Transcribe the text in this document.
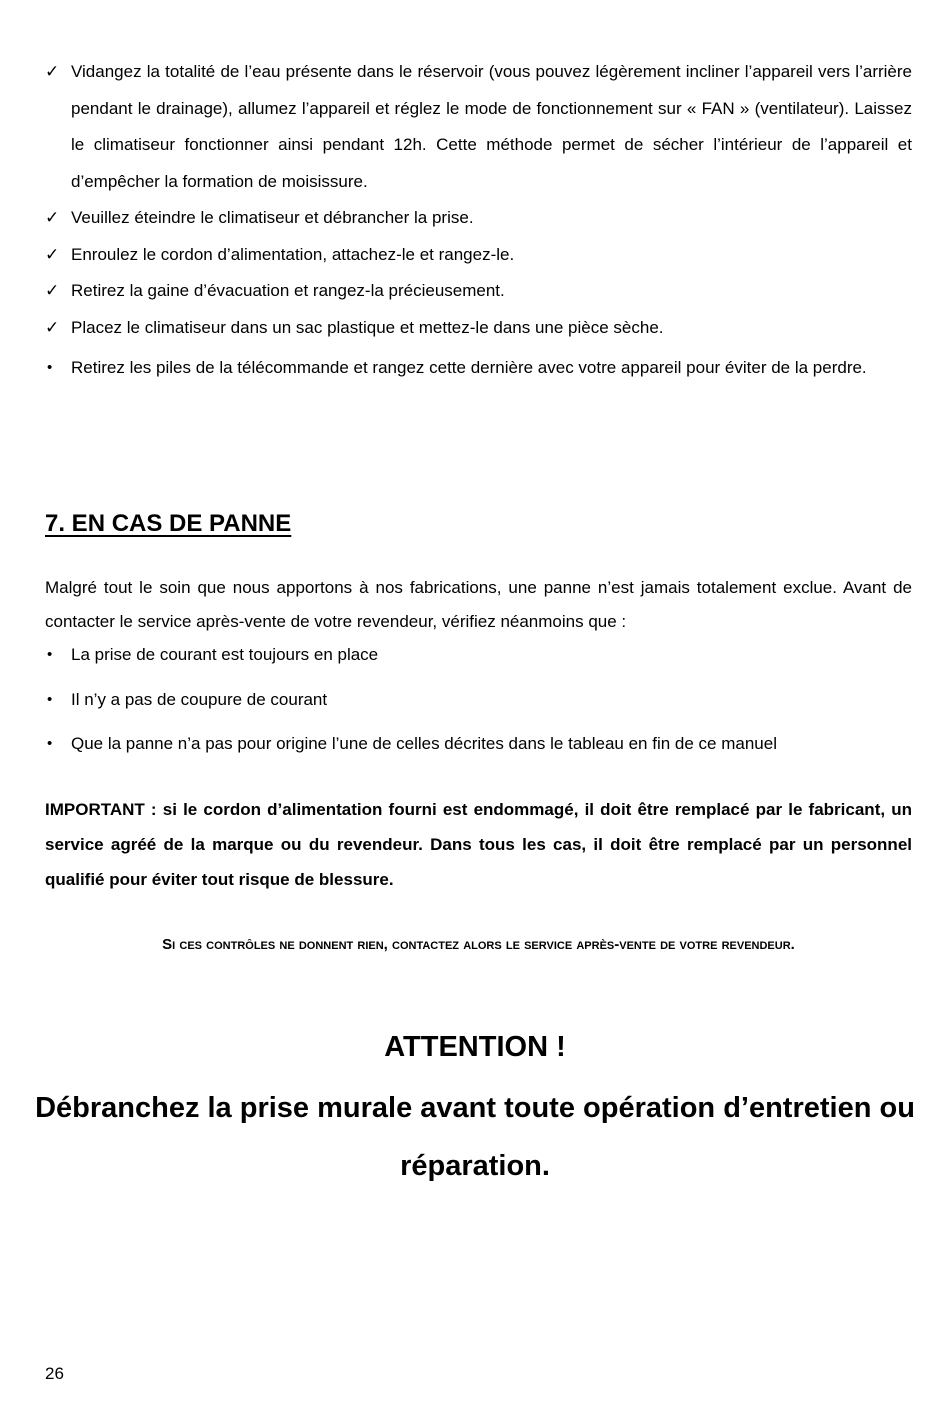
✓ Vidangez la totalité de l’eau présente dans le réservoir (vous pouvez légèrement incliner l’appareil vers l’arrière pendant le drainage), allumez l’appareil et réglez le mode de fonctionnement sur « FAN » (ventilateur). Laissez le climatiseur fonctionner ainsi pendant 12h. Cette méthode permet de sécher l’intérieur de l’appareil et d’empêcher la formation de moisissure.
✓ Veuillez éteindre le climatiseur et débrancher la prise.
✓ Enroulez le cordon d’alimentation, attachez-le et rangez-le.
✓ Retirez la gaine d’évacuation et rangez-la précieusement.
✓ Placez le climatiseur dans un sac plastique et mettez-le dans une pièce sèche.
•	Retirez les piles de la télécommande et rangez cette dernière avec votre appareil pour éviter de la perdre.
7. EN CAS DE PANNE

Malgré tout le soin que nous apportons à nos fabrications, une panne n’est jamais totalement exclue. Avant de contacter le service après-vente de votre revendeur, vérifiez néanmoins que :

•	La prise de courant est toujours en place
•	Il n’y a pas de coupure de courant
•	Que la panne n’a pas pour origine l’une de celles décrites dans le tableau en fin de ce manuel

IMPORTANT : si le cordon d’alimentation fourni est endommagé, il doit être remplacé par le fabricant, un service agréé de la marque ou du revendeur. Dans tous les cas, il doit être remplacé par un personnel qualifié pour éviter tout risque de blessure.

Si ces contrôles ne donnent rien, contactez alors le service après-vente de votre revendeur.

ATTENTION !

Débranchez la prise murale avant toute opération d’entretien ou réparation.

26
